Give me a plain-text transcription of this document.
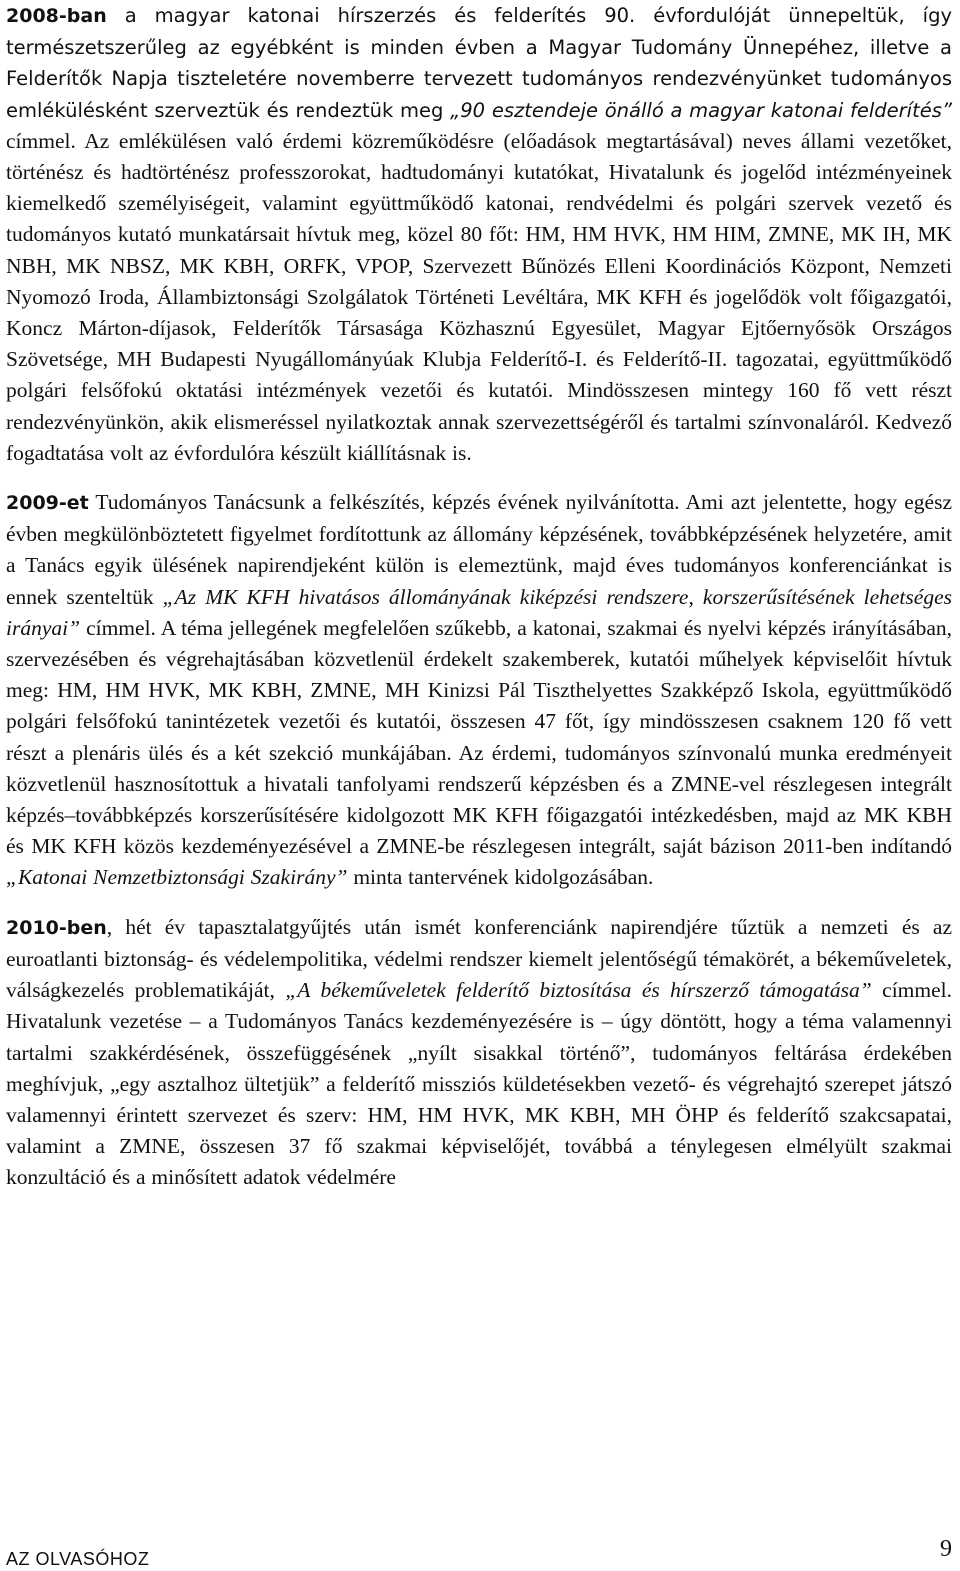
2008-ban a magyar katonai hírszerzés és felderítés 90. évfordulóját ünnepeltük, így természetszerűleg az egyébként is minden évben a Magyar Tudomány Ünnepéhez, illetve a Felderítők Napja tiszteletére novemberre tervezett tudományos rendezvényünket tudományos emlékülésként szerveztük és rendeztük meg „90 esztendeje önálló a magyar katonai felderítés” címmel. Az emlékülésen való érdemi közreműködésre (előadások megtartásával) neves állami vezetőket, történész és hadtörténész professzorokat, hadtudományi kutatókat, Hivatalunk és jogelőd intézményeinek kiemelkedő személyiségeit, valamint együttműködő katonai, rendvédelmi és polgári szervek vezető és tudományos kutató munkatársait hívtuk meg, közel 80 főt: HM, HM HVK, HM HIM, ZMNE, MK IH, MK NBH, MK NBSZ, MK KBH, ORFK, VPOP, Szervezett Bűnözés Elleni Koordinációs Központ, Nemzeti Nyomozó Iroda, Állambiztonsági Szolgálatok Történeti Levéltára, MK KFH és jogelődök volt főigazgatói, Koncz Márton-díjasok, Felderítők Társasága Közhasznú Egyesület, Magyar Ejtőernyősök Országos Szövetsége, MH Budapesti Nyugállományúak Klubja Felderítő-I. és Felderítő-II. tagozatai, együttműködő polgári felsőfokú oktatási intézmények vezetői és kutatói. Mindösszesen mintegy 160 fő vett részt rendezvényünkön, akik elismeréssel nyilatkoztak annak szervezettségéről és tartalmi színvonaláról. Kedvező fogadtatása volt az évfordulóra készült kiállításnak is.

2009-et Tudományos Tanácsunk a felkészítés, képzés évének nyilvánította. Ami azt jelentette, hogy egész évben megkülönböztetett figyelmet fordítottunk az állomány képzésének, továbbképzésének helyzetére, amit a Tanács egyik ülésének napirendjeként külön is elemeztünk, majd éves tudományos konferenciánkat is ennek szenteltük „Az MK KFH hivatásos állományának kiképzési rendszere, korszerűsítésének lehetséges irányai” címmel. A téma jellegének megfelelően szűkebb, a katonai, szakmai és nyelvi képzés irányításában, szervezésében és végrehajtásában közvetlenül érdekelt szakemberek, kutatói műhelyek képviselőit hívtuk meg: HM, HM HVK, MK KBH, ZMNE, MH Kinizsi Pál Tiszthelyettes Szakképző Iskola, együttműködő polgári felsőfokú tanintézetek vezetői és kutatói, összesen 47 főt, így mindösszesen csaknem 120 fő vett részt a plenáris ülés és a két szekció munkájában. Az érdemi, tudományos színvonalú munka eredményeit közvetlenül hasznosítottuk a hivatali tanfolyami rendszerű képzésben és a ZMNE-vel részlegesen integrált képzés–továbbképzés korszerűsítésére kidolgozott MK KFH főigazgatói intézkedésben, majd az MK KBH és MK KFH közös kezdeményezésével a ZMNE-be részlegesen integrált, saját bázison 2011-ben indítandó „Katonai Nemzetbiztonsági Szakirány” minta tantervének kidolgozásában.

2010-ben, hét év tapasztalatgyűjtés után ismét konferenciánk napirendjére tűztük a nemzeti és az euroatlanti biztonság- és védelempolitika, védelmi rendszer kiemelt jelentőségű témakörét, a békeműveletek, válságkezelés problematikáját, „A békeműveletek felderítő biztosítása és hírszerző támogatása” címmel. Hivatalunk vezetése – a Tudományos Tanács kezdeményezésére is – úgy döntött, hogy a téma valamennyi tartalmi szakkérdésének, összefüggésének „nyílt sisakkal történő”, tudományos feltárása érdekében meghívjuk, „egy asztalhoz ültetjük” a felderítő missziós küldetésekben vezető- és végrehajtó szerepet játszó valamennyi érintett szervezet és szerv: HM, HM HVK, MK KBH, MH ÖHP és felderítő szakcsapatai, valamint a ZMNE, összesen 37 fő szakmai képviselőjét, továbbá a ténylegesen elmélyült szakmai konzultáció és a minősített adatok védelmére

AZ OLVASÓHOZ	9
